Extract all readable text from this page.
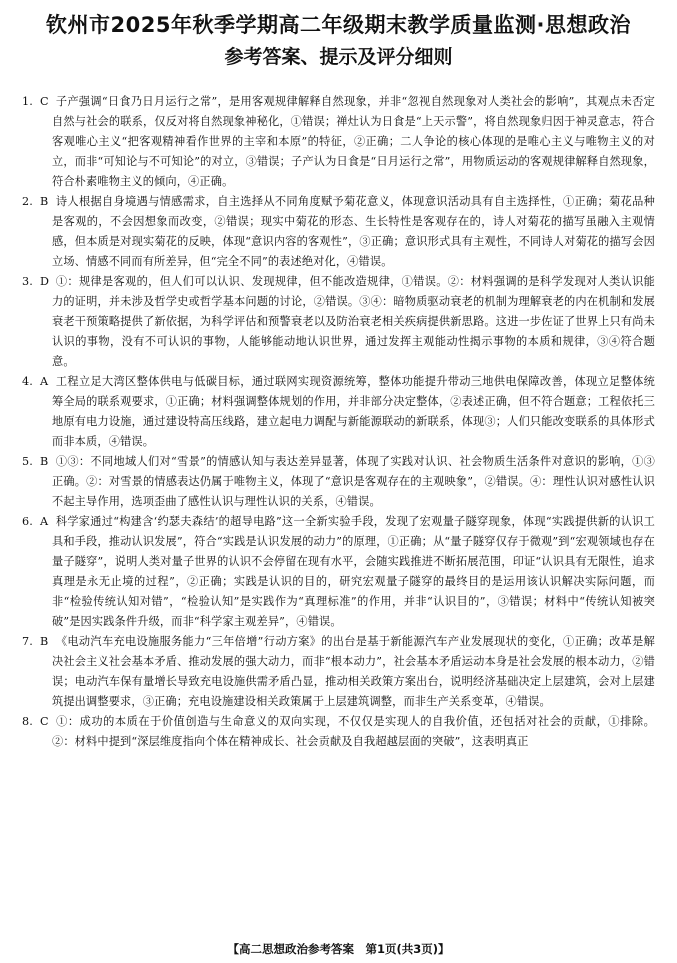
钦州市2025年秋季学期高二年级期末教学质量监测·思想政治
参考答案、提示及评分细则

1. C 子产强调“日食乃日月运行之常”，是用客观规律解释自然现象，并非“忽视自然现象对人类社会的影响”，其观点未否定自然与社会的联系，仅反对将自然现象神秘化，①错误；禅灶认为日食是“上天示警”，将自然现象归因于神灵意志，符合客观唯心主义“把客观精神看作世界的主宰和本原”的特征，②正确；二人争论的核心体现的是唯心主义与唯物主义的对立，而非“可知论与不可知论”的对立，③错误；子产认为日食是“日月运行之常”，用物质运动的客观规律解释自然现象，符合朴素唯物主义的倾向，④正确。

2. B 诗人根据自身境遇与情感需求，自主选择从不同角度赋予菊花意义，体现意识活动具有自主选择性，①正确；菊花品种是客观的，不会因想象而改变，②错误；现实中菊花的形态、生长特性是客观存在的，诗人对菊花的描写虽融入主观情感，但本质是对现实菊花的反映，体现“意识内容的客观性”，③正确；意识形式具有主观性，不同诗人对菊花的描写会因立场、情感不同而有所差异，但“完全不同”的表述绝对化，④错误。

3. D ①：规律是客观的，但人们可以认识、发现规律，但不能改造规律，①错误。②：材料强调的是科学发现对人类认识能力的证明，并未涉及哲学史或哲学基本问题的讨论，②错误。③④：暗物质驱动衰老的机制为理解衰老的内在机制和发展衰老干预策略提供了新依据，为科学评估和预警衰老以及防治衰老相关疾病提供新思路。这进一步佐证了世界上只有尚未认识的事物，没有不可认识的事物，人能够能动地认识世界，通过发挥主观能动性揭示事物的本质和规律，③④符合题意。

4. A 工程立足大湾区整体供电与低碳目标，通过联网实现资源统筹，整体功能提升带动三地供电保障改善，体现立足整体统筹全局的联系观要求，①正确；材料强调整体规划的作用，并非部分决定整体，②表述正确，但不符合题意；工程依托三地原有电力设施，通过建设特高压线路，建立起电力调配与新能源联动的新联系，体现③；人们只能改变联系的具体形式而非本质，④错误。

5. B ①③：不同地域人们对“雪景”的情感认知与表达差异显著，体现了实践对认识、社会物质生活条件对意识的影响，①③正确。②：对雪景的情感表达仍属于唯物主义，体现了“意识是客观存在的主观映象”，②错误。④：理性认识对感性认识不起主导作用，选项歪曲了感性认识与理性认识的关系，④错误。

6. A 科学家通过“构建含‘约瑟夫森结’的超导电路”这一全新实验手段，发现了宏观量子隧穿现象，体现“实践提供新的认识工具和手段，推动认识发展”，符合“实践是认识发展的动力”的原理，①正确；从“量子隧穿仅存于微观”到“宏观领域也存在量子隧穿”，说明人类对量子世界的认识不会停留在现有水平，会随实践推进不断拓展范围，印证“认识具有无限性，追求真理是永无止境的过程”，②正确；实践是认识的目的，研究宏观量子隧穿的最终目的是运用该认识解决实际问题，而非“检验传统认知对错”，“检验认知”是实践作为“真理标准”的作用，并非“认识目的”，③错误；材料中“传统认知被突破”是因实践条件升级，而非“科学家主观差异”，④错误。

7. B 《电动汽车充电设施服务能力“三年倍增”行动方案》的出台是基于新能源汽车产业发展现状的变化，①正确；改革是解决社会主义社会基本矛盾、推动发展的强大动力，而非“根本动力”，社会基本矛盾运动本身是社会发展的根本动力，②错误；电动汽车保有量增长导致充电设施供需矛盾凸显，推动相关政策方案出台，说明经济基础决定上层建筑，会对上层建筑提出调整要求，③正确；充电设施建设相关政策属于上层建筑调整，而非生产关系变革，④错误。

8. C ①：成功的本质在于价值创造与生命意义的双向实现，不仅仅是实现人的自我价值，还包括对社会的贡献，①排除。②：材料中提到“深层维度指向个体在精神成长、社会贡献及自我超越层面的突破”，这表明真正

【高二思想政治参考答案　第1页(共3页)】
